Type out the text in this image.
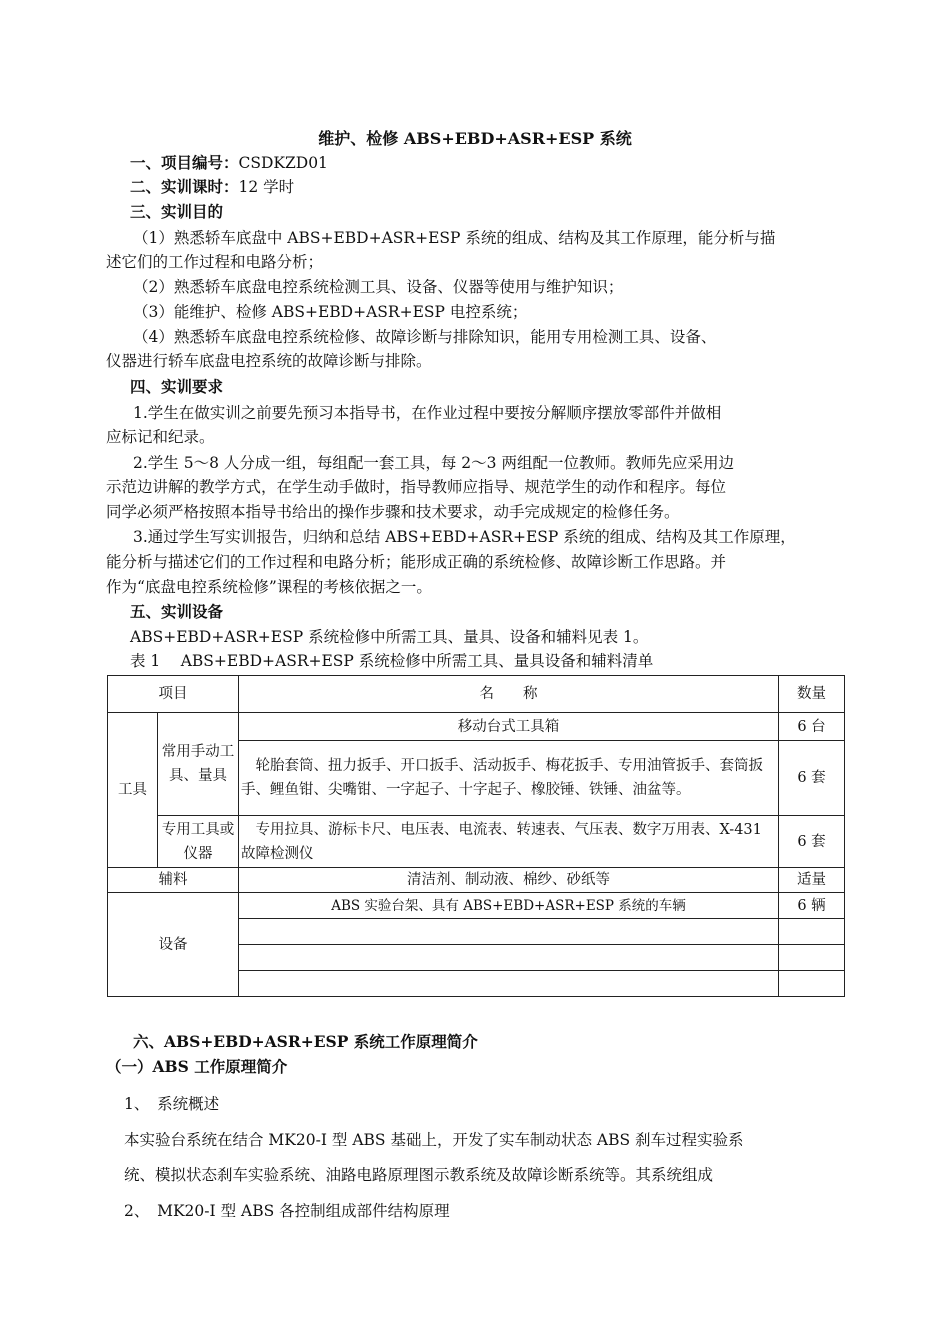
维护、检修 ABS+EBD+ASR+ESP 系统
一、项目编号：CSDKZD01
二、实训课时：12 学时
三、实训目的
（1）熟悉轿车底盘中 ABS+EBD+ASR+ESP 系统的组成、结构及其工作原理，能分析与描
述它们的工作过程和电路分析；
（2）熟悉轿车底盘电控系统检测工具、设备、仪器等使用与维护知识；
（3）能维护、检修 ABS+EBD+ASR+ESP 电控系统；
（4）熟悉轿车底盘电控系统检修、故障诊断与排除知识，能用专用检测工具、设备、
仪器进行轿车底盘电控系统的故障诊断与排除。
四、实训要求
1.学生在做实训之前要先预习本指导书，在作业过程中要按分解顺序摆放零部件并做相
应标记和纪录。
2.学生 5～8 人分成一组，每组配一套工具，每 2～3 两组配一位教师。教师先应采用边
示范边讲解的教学方式，在学生动手做时，指导教师应指导、规范学生的动作和程序。每位
同学必须严格按照本指导书给出的操作步骤和技术要求，动手完成规定的检修任务。
3.通过学生写实训报告，归纳和总结 ABS+EBD+ASR+ESP 系统的组成、结构及其工作原理，
能分析与描述它们的工作过程和电路分析；能形成正确的系统检修、故障诊断工作思路。并
作为“底盘电控系统检修”课程的考核依据之一。
五、实训设备
ABS+EBD+ASR+ESP 系统检修中所需工具、量具、设备和辅料见表 1。
表 1　 ABS+EBD+ASR+ESP 系统检修中所需工具、量具设备和辅料清单
项目		名　　称	数量
工具	常用手动工具、量具	移动台式工具箱	6 台
		　轮胎套筒、扭力扳手、开口扳手、活动扳手、梅花扳手、专用油管扳手、套筒扳手、鲤鱼钳、尖嘴钳、一字起子、十字起子、橡胶锤、铁锤、油盆等。	6 套
	专用工具或仪器	　专用拉具、游标卡尺、电压表、电流表、转速表、气压表、数字万用表、X-431 故障检测仪	6 套
辅料		清洁剂、制动液、棉纱、砂纸等	适量
设备		ABS 实验台架、具有 ABS+EBD+ASR+ESP 系统的车辆	6 辆

六、ABS+EBD+ASR+ESP 系统工作原理简介
（一）ABS 工作原理简介
1、　系统概述
本实验台系统在结合 MK20-Ⅰ 型 ABS 基础上，开发了实车制动状态 ABS 刹车过程实验系
统、模拟状态刹车实验系统、油路电路原理图示教系统及故障诊断系统等。其系统组成
2、　MK20-Ⅰ 型 ABS 各控制组成部件结构原理
